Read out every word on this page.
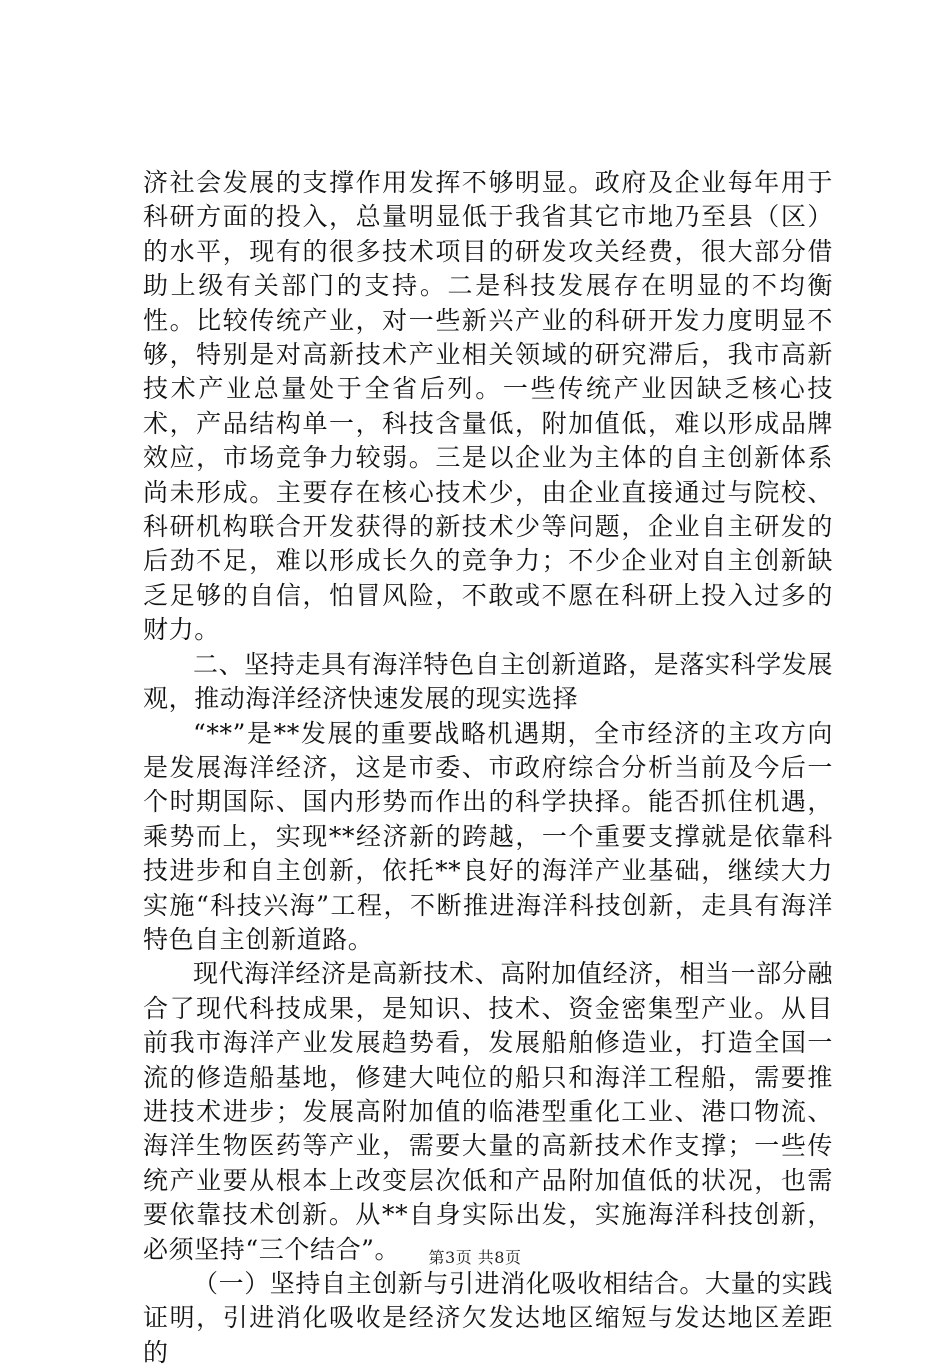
济社会发展的支撑作用发挥不够明显。政府及企业每年用于科研方面的投入，总量明显低于我省其它市地乃至县（区）的水平，现有的很多技术项目的研发攻关经费，很大部分借助上级有关部门的支持。二是科技发展存在明显的不均衡性。比较传统产业，对一些新兴产业的科研开发力度明显不够，特别是对高新技术产业相关领域的研究滞后，我市高新技术产业总量处于全省后列。一些传统产业因缺乏核心技术，产品结构单一，科技含量低，附加值低，难以形成品牌效应，市场竞争力较弱。三是以企业为主体的自主创新体系尚未形成。主要存在核心技术少，由企业直接通过与院校、科研机构联合开发获得的新技术少等问题，企业自主研发的后劲不足，难以形成长久的竞争力；不少企业对自主创新缺乏足够的自信，怕冒风险，不敢或不愿在科研上投入过多的财力。

二、坚持走具有海洋特色自主创新道路，是落实科学发展观，推动海洋经济快速发展的现实选择

“**”是**发展的重要战略机遇期，全市经济的主攻方向是发展海洋经济，这是市委、市政府综合分析当前及今后一个时期国际、国内形势而作出的科学抉择。能否抓住机遇，乘势而上，实现**经济新的跨越，一个重要支撑就是依靠科技进步和自主创新，依托**良好的海洋产业基础，继续大力实施“科技兴海”工程，不断推进海洋科技创新，走具有海洋特色自主创新道路。

现代海洋经济是高新技术、高附加值经济，相当一部分融合了现代科技成果，是知识、技术、资金密集型产业。从目前我市海洋产业发展趋势看，发展船舶修造业，打造全国一流的修造船基地，修建大吨位的船只和海洋工程船，需要推进技术进步；发展高附加值的临港型重化工业、港口物流、海洋生物医药等产业，需要大量的高新技术作支撑；一些传统产业要从根本上改变层次低和产品附加值低的状况，也需要依靠技术创新。从**自身实际出发，实施海洋科技创新，必须坚持“三个结合”。

（一）坚持自主创新与引进消化吸收相结合。大量的实践证明，引进消化吸收是经济欠发达地区缩短与发达地区差距的

第3页 共8页
